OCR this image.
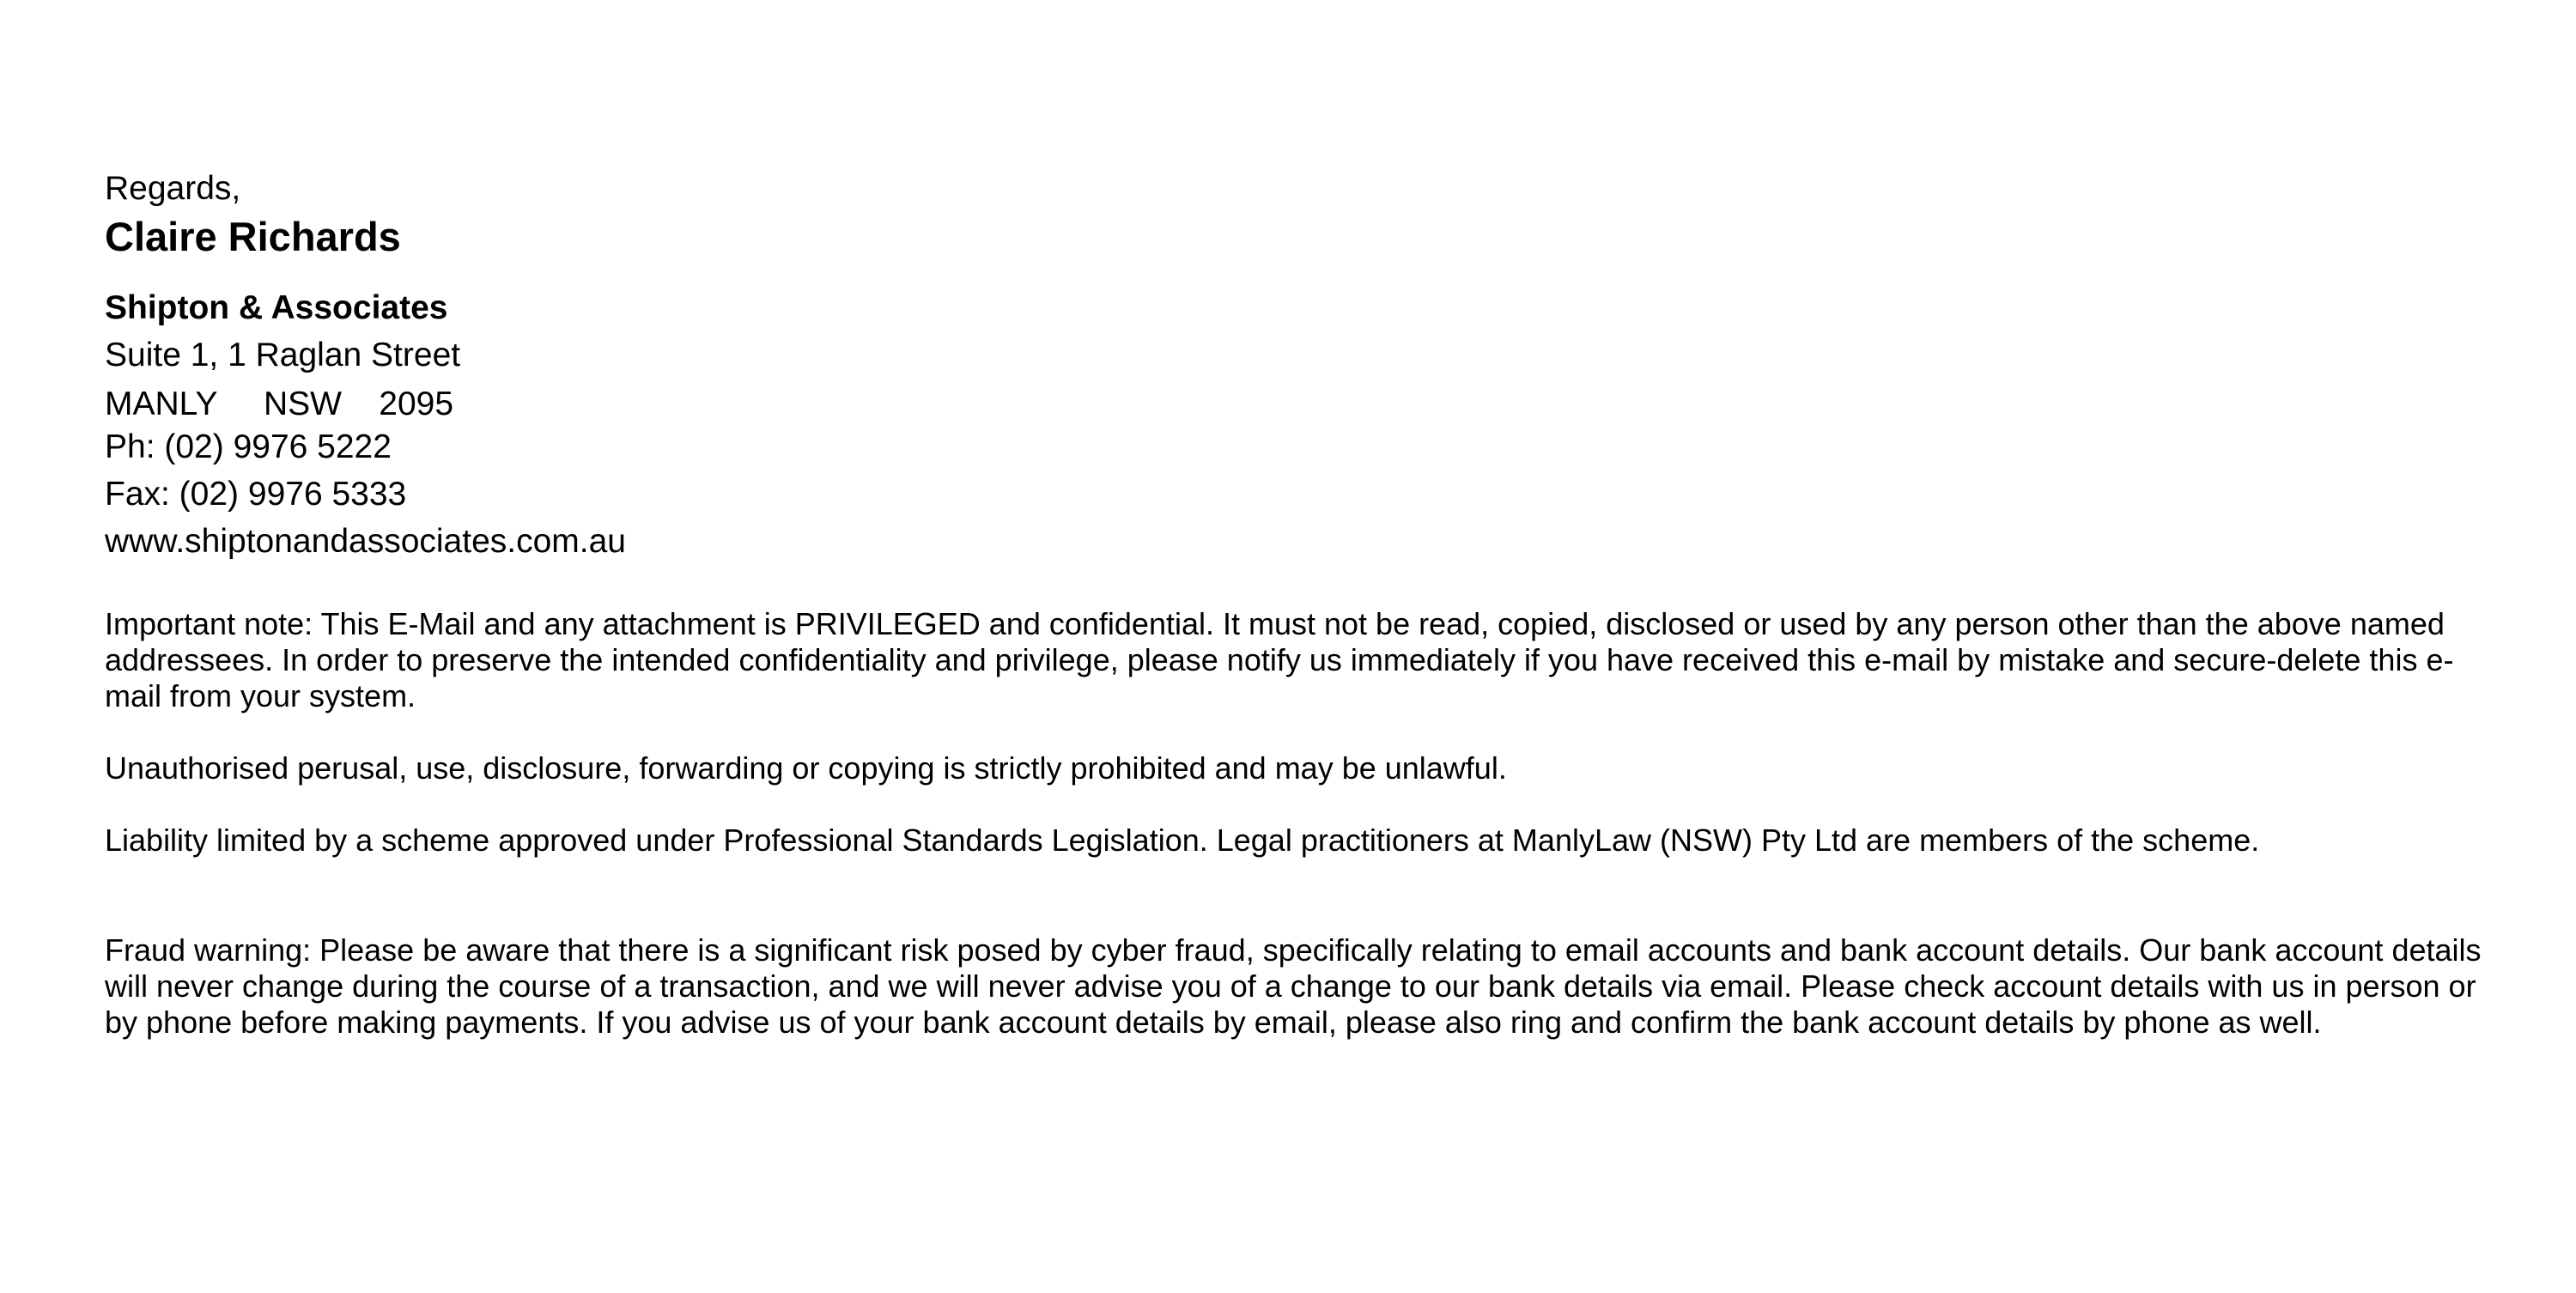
Regards,
Claire Richards
Shipton & Associates
Suite 1, 1 Raglan Street
MANLY     NSW    2095
Ph: (02) 9976 5222
Fax: (02) 9976 5333
www.shiptonandassociates.com.au

Important note: This E-Mail and any attachment is PRIVILEGED and confidential. It must not be read, copied, disclosed or used by any person other than the above named addressees. In order to preserve the intended confidentiality and privilege, please notify us immediately if you have received this e-mail by mistake and secure-delete this e-mail from your system.

Unauthorised perusal, use, disclosure, forwarding or copying is strictly prohibited and may be unlawful.

Liability limited by a scheme approved under Professional Standards Legislation. Legal practitioners at ManlyLaw (NSW) Pty Ltd are members of the scheme.

Fraud warning: Please be aware that there is a significant risk posed by cyber fraud, specifically relating to email accounts and bank account details. Our bank account details will never change during the course of a transaction, and we will never advise you of a change to our bank details via email. Please check account details with us in person or by phone before making payments. If you advise us of your bank account details by email, please also ring and confirm the bank account details by phone as well.
